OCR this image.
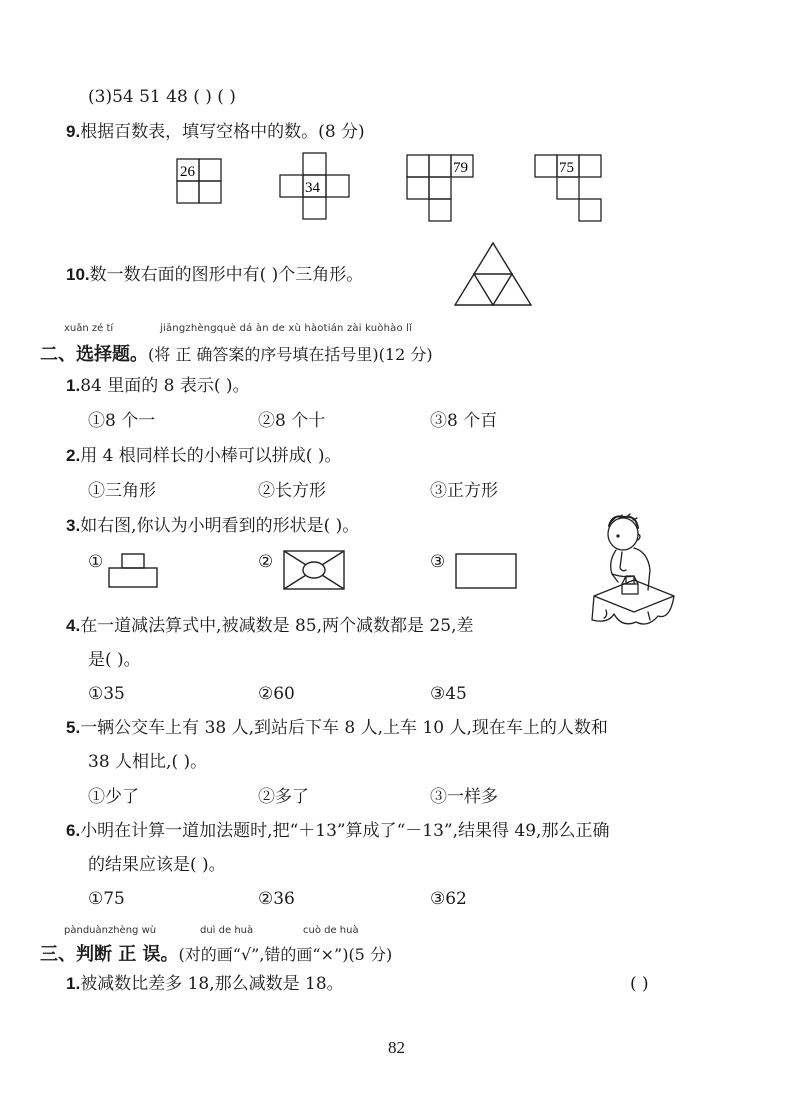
(3)54 51 48 ( ) ( )
9.根据百数表，填写空格中的数。(8 分)
26
34
79	75
10.数一数右面的图形中有( )个三角形。
xuǎn zé tí	jiāngzhèngquè dá àn de xù hàotián zài kuòhào lǐ
二、选择题。(将 正 确答案的序号填在括号里)(12 分)
1.84 里面的 8 表示( )。
①8 个一	②8 个十	③8 个百
2.用 4 根同样长的小棒可以拼成( )。
①三角形	②长方形	③正方形
3.如右图,你认为小明看到的形状是( )。
①	②	③
4.在一道减法算式中,被减数是 85,两个减数都是 25,差
是( )。
①35	②60	③45
5.一辆公交车上有 38 人,到站后下车 8 人,上车 10 人,现在车上的人数和
38 人相比,( )。
①少了	②多了	③一样多
6.小明在计算一道加法题时,把“＋13”算成了“－13”,结果得 49,那么正确
的结果应该是( )。
①75	②36	③62
pànduànzhèng wù	duì de huà	cuò de huà
三、判断 正 误。(对的画“√”,错的画“×”)(5 分)
1.被减数比差多 18,那么减数是 18。	( )
82
